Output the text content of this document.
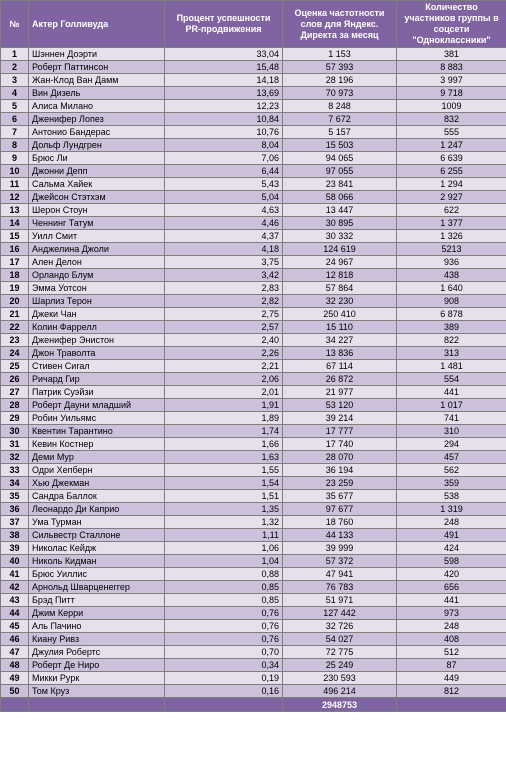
№	Актер Голливуда	Процент успешности PR-продвижения	Оценка частотности слов для Яндекс. Директа за месяц	Количество участников группы в соцсети "Одноклассники"
1	Шэннен Доэрти	33,04	1 153	381
2	Роберт Паттинсон	15,48	57 393	8 883
3	Жан-Клод Ван Дамм	14,18	28 196	3 997
4	Вин Дизель	13,69	70 973	9 718
5	Алиса Милано	12,23	8 248	1009
6	Дженифер Лопез	10,84	7 672	832
7	Антонио Бандерас	10,76	5 157	555
8	Дольф Лундгрен	8,04	15 503	1 247
9	Брюс Ли	7,06	94 065	6 639
10	Джонни Депп	6,44	97 055	6 255
11	Сальма Хайек	5,43	23 841	1 294
12	Джейсон Стэтхэм	5,04	58 066	2 927
13	Шерон Стоун	4,63	13 447	622
14	Ченнинг Татум	4,46	30 895	1 377
15	Уилл Смит	4,37	30 332	1 326
16	Анджелина Джоли	4,18	124 619	5213
17	Ален Делон	3,75	24 967	936
18	Орландо Блум	3,42	12 818	438
19	Эмма Уотсон	2,83	57 864	1 640
20	Шарлиз Терон	2,82	32 230	908
21	Джеки Чан	2,75	250 410	6 878
22	Колин Фаррелл	2,57	15 110	389
23	Дженифер Энистон	2,40	34 227	822
24	Джон Траволта	2,26	13 836	313
25	Стивен Сигал	2,21	67 114	1 481
26	Ричард Гир	2,06	26 872	554
27	Патрик Суэйзи	2,01	21 977	441
28	Роберт Дауни младший	1,91	53 120	1 017
29	Робин Уильямс	1,89	39 214	741
30	Квентин Тарантино	1,74	17 777	310
31	Кевин Костнер	1,66	17 740	294
32	Деми Мур	1,63	28 070	457
33	Одри Хепберн	1,55	36 194	562
34	Хью Джекман	1,54	23 259	359
35	Сандра Баллок	1,51	35 677	538
36	Леонардо Ди Каприо	1,35	97 677	1 319
37	Ума Турман	1,32	18 760	248
38	Сильвестр Сталлоне	1,11	44 133	491
39	Николас Кейдж	1,06	39 999	424
40	Николь Кидман	1,04	57 372	598
41	Брюс Уиллис	0,88	47 941	420
42	Арнольд Шварценеггер	0,85	76 783	656
43	Брэд Питт	0,85	51 971	441
44	Джим Керри	0,76	127 442	973
45	Аль Пачино	0,76	32 726	248
46	Киану Ривз	0,76	54 027	408
47	Джулия Робертс	0,70	72 775	512
48	Роберт Де Ниро	0,34	25 249	87
49	Микки Рурк	0,19	230 593	449
50	Том Круз	0,16	496 214	812
			2948753	
